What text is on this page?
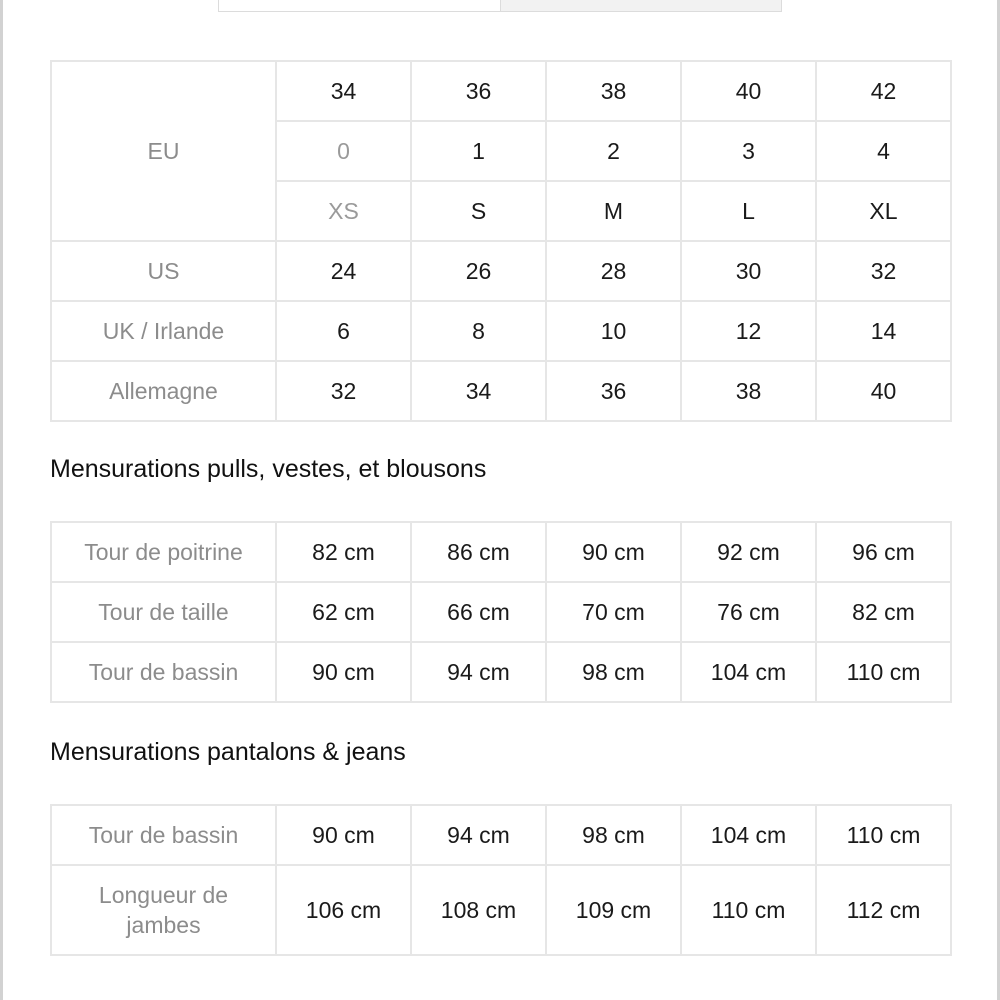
EU	34	36	38	40	42
	0	1	2	3	4
	XS	S	M	L	XL
US	24	26	28	30	32
UK / Irlande	6	8	10	12	14
Allemagne	32	34	36	38	40
Mensurations pulls, vestes, et blousons
Tour de poitrine	82 cm	86 cm	90 cm	92 cm	96 cm
Tour de taille	62 cm	66 cm	70 cm	76 cm	82 cm
Tour de bassin	90 cm	94 cm	98 cm	104 cm	110 cm
Mensurations pantalons & jeans
Tour de bassin	90 cm	94 cm	98 cm	104 cm	110 cm
Longueur de jambes	106 cm	108 cm	109 cm	110 cm	112 cm
